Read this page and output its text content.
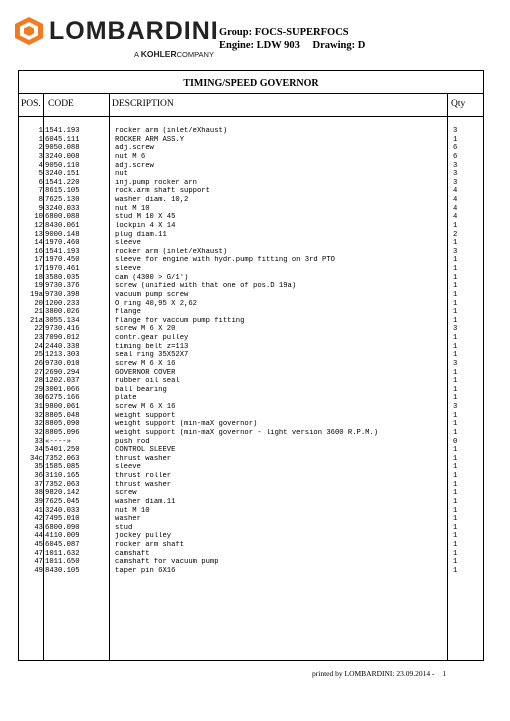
LOMBARDINI
A KOHLERCOMPANY
Group: FOCS-SUPERFOCS
Engine: LDW 903 Drawing: D
TIMING/SPEED GOVERNOR
POS. CODE	DESCRIPTION	Qty
1 1541.193	rocker arm (inlet/eXhaust)	3
1 6045.111	ROCKER ARM ASS.Y	1
2 9050.088	adj.screw	6
3 3240.008	nut M 6	6
4 9050.110	adj.screw	3
5 3240.151	nut	3
6 1541.220	inj.pump rocker arn	3
7 8615.105	rock.arm shaft support	4
8 7625.130	washer diam. 10,2	4
9 3240.033	nut M 10	4
10 6800.088	stud M 10 X 45	4
12 8430.061	lockpin 4 X 14	1
13 9000.148	plug diam.11	2
14 1970.460	sleeve	1
16 1541.193	rocker arm (inlet/eXhaust)	3
17 1970.450	sleeve for engine with hydr.pump fitting on 3rd PTO	1
17 1970.461	sleeve	1
18 3580.035	cam (4300 > G/1')	1
19 9730.376	screw (unified with that one of pos.D 19a)	1
19a 9730.398	vacuum pump screw	1
20 1200.233	O ring 40,95 X 2,62	1
21 3800.026	flange	1
21a 3055.134	flange for vaccum pump fitting	1
22 9730.416	screw M 6 X 20	3
23 7090.012	contr.gear pulley	1
24 2440.338	timing belt z=113	1
25 1213.303	seal ring 35X52X7	1
26 9730.010	screw M 6 X 16	3
27 2690.294	GOVERNOR COVER	1
28 1202.037	rubber oil seal	1
29 3001.066	ball bearing	1
30 6275.166	plate	1
31 9800.061	screw M 6 X 16	3
32 8805.048	weight support	1
32 8805.090	weight support (min-maX governor)	1
32 8805.096	weight support (min-maX governor - light version 3600 R.P.M.)	1
33 «----»	push rod	0
34 5401.250	CONTROL SLEEVE	1
34c 7352.063	thrust washer	1
35 1585.085	sleeve	1
36 3110.165	thrust roller	1
37 7352.063	thrust washer	1
38 9820.142	screw	1
39 7625.045	washer diam.11	1
41 3240.033	nut M 10	1
42 7495.010	washer	1
43 6800.090	stud	1
44 4110.009	jockey pulley	1
45 6045.087	rocker arm shaft	1
47 1011.632	camshaft	1
47 1011.650	camshaft for vacuum pump	1
49 8430.105	taper pin 6X16	1
printed by LOMBARDINI: 23.09.2014 - 1
